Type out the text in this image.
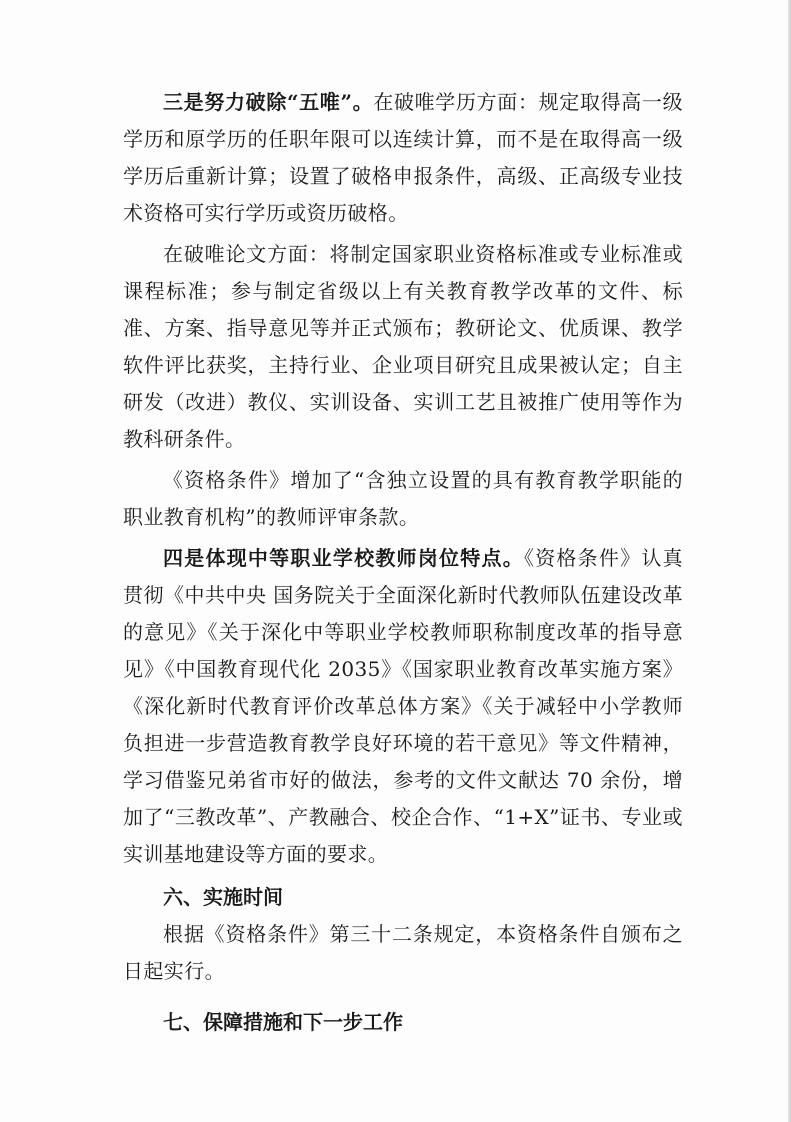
三是努力破除“五唯”。在破唯学历方面：规定取得高一级学历和原学历的任职年限可以连续计算，而不是在取得高一级学历后重新计算；设置了破格申报条件，高级、正高级专业技术资格可实行学历或资历破格。

在破唯论文方面：将制定国家职业资格标准或专业标准或课程标准；参与制定省级以上有关教育教学改革的文件、标准、方案、指导意见等并正式颁布；教研论文、优质课、教学软件评比获奖，主持行业、企业项目研究且成果被认定；自主研发（改进）教仪、实训设备、实训工艺且被推广使用等作为教科研条件。

《资格条件》增加了“含独立设置的具有教育教学职能的职业教育机构”的教师评审条款。

四是体现中等职业学校教师岗位特点。《资格条件》认真贯彻《中共中央 国务院关于全面深化新时代教师队伍建设改革的意见》《关于深化中等职业学校教师职称制度改革的指导意见》《中国教育现代化 2035》《国家职业教育改革实施方案》《深化新时代教育评价改革总体方案》《关于减轻中小学教师负担进一步营造教育教学良好环境的若干意见》等文件精神，学习借鉴兄弟省市好的做法，参考的文件文献达 70 余份，增加了“三教改革”、产教融合、校企合作、“1+X”证书、专业或实训基地建设等方面的要求。

六、实施时间

根据《资格条件》第三十二条规定，本资格条件自颁布之日起实行。

七、保障措施和下一步工作
